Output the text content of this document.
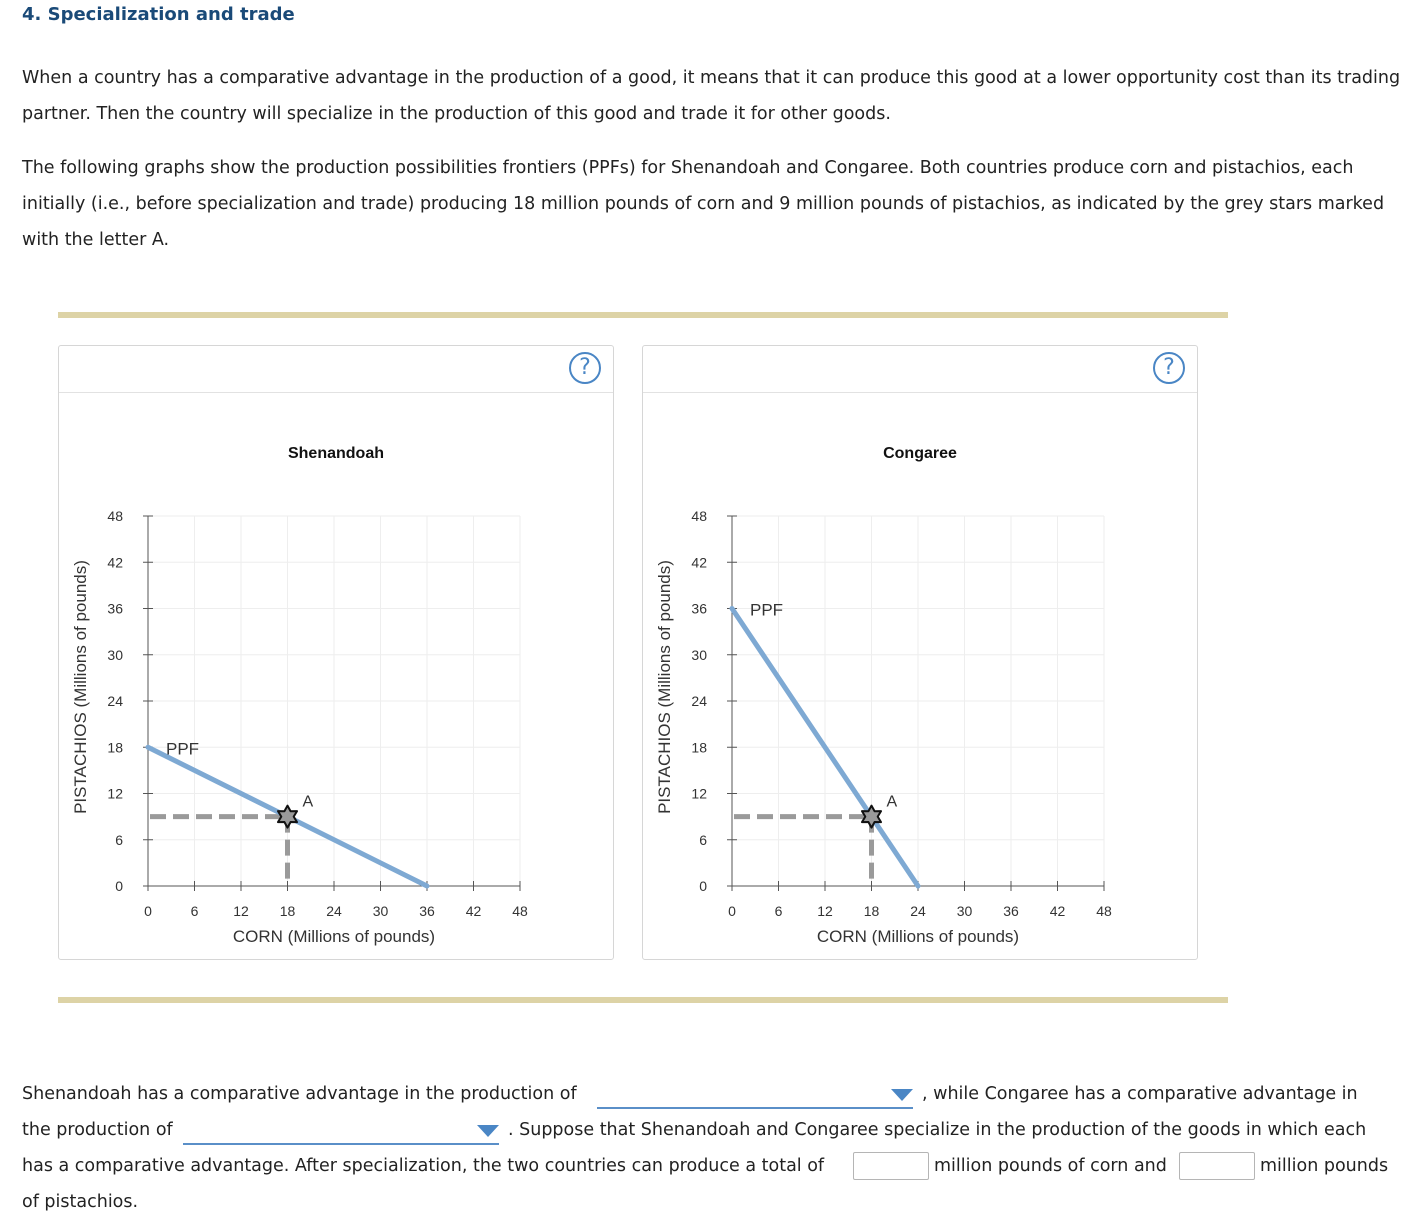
4. Specialization and trade
When a country has a comparative advantage in the production of a good, it means that it can produce this good at a lower opportunity cost than its trading partner. Then the country will specialize in the production of this good and trade it for other goods.
The following graphs show the production possibilities frontiers (PPFs) for Shenandoah and Congaree. Both countries produce corn and pistachios, each initially (i.e., before specialization and trade) producing 18 million pounds of corn and 9 million pounds of pistachios, as indicated by the grey stars marked with the letter A.
?
Shenandoah
0	6 12 18 24 30 36 42 48
0
6
12
18
24
30
36
42
48
CORN (Millions of pounds)
PISTACHIOS (Millions of pounds)	PPF
A
?
Congaree
0	6 12 18 24 30 36 42 48
0
6
12
18
24
30
36
42
48
CORN (Millions of pounds)
PISTACHIOS (Millions of pounds)	PPF
A
Shenandoah has a comparative advantage in the production of	, while Congaree has a comparative advantage in
the production of	. Suppose that Shenandoah and Congaree specialize in the production of the goods in which each
has a comparative advantage. After specialization, the two countries can produce a total of	million pounds of corn and	million pounds
of pistachios.
